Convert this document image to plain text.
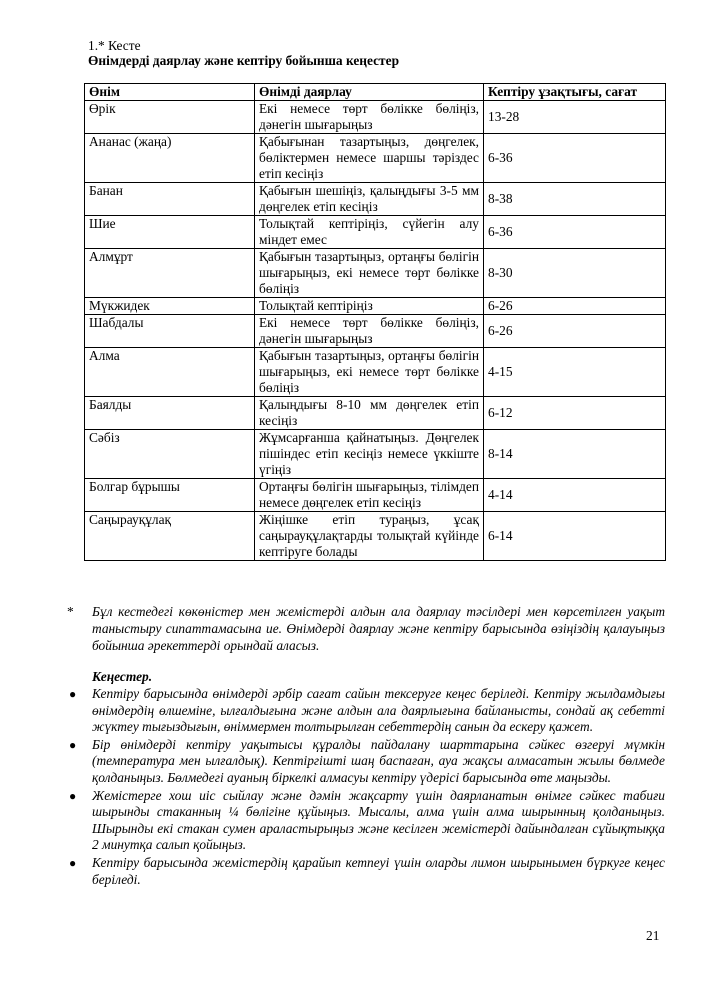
1.* Кесте
Өнімдерді даярлау және кептіру бойынша кеңестер
Өнім	Өнімді даярлау	Кептіру ұзақтығы, сағат
Өрік	Екі немесе төрт бөлікке бөліңіз, дәнегін шығарыңыз	13-28
Ананас (жаңа)	Қабығынан тазартыңыз, дөңгелек, бөліктермен немесе шаршы тәріздес етіп кесіңіз	6-36
Банан	Қабығын шешіңіз, қалыңдығы 3-5 мм дөңгелек етіп кесіңіз	8-38
Шие	Толықтай кептіріңіз, сүйегін алу міндет емес	6-36
Алмұрт	Қабығын тазартыңыз, ортаңғы бөлігін шығарыңыз, екі немесе төрт бөлікке бөліңіз	8-30
Мүкжидек	Толықтай кептіріңіз	6-26
Шабдалы	Екі немесе төрт бөлікке бөліңіз, дәнегін шығарыңыз	6-26
Алма	Қабығын тазартыңыз, ортаңғы бөлігін шығарыңыз, екі немесе төрт бөлікке бөліңіз	4-15
Баялды	Қалыңдығы 8-10 мм дөңгелек етіп кесіңіз	6-12
Сәбіз	Жұмсарғанша қайнатыңыз. Дөңгелек пішіндес етіп кесіңіз немесе үккіште үгіңіз	8-14
Болгар бұрышы	Ортаңғы бөлігін шығарыңыз, тілімдеп немесе дөңгелек етіп кесіңіз	4-14
Саңырауқұлақ	Жіңішке етіп тураңыз, ұсақ саңырауқұлақтарды толықтай күйінде кептіруге болады	6-14
* Бұл кестедегі көкөністер мен жемістерді алдын ала даярлау тәсілдері мен көрсетілген уақыт таныстыру сипаттамасына ие. Өнімдерді даярлау және кептіру барысында өзіңіздің қалауыңыз бойынша әрекеттерді орындай аласыз.
Кеңестер.
● Кептіру барысында өнімдерді әрбір сағат сайын тексеруге кеңес беріледі. Кептіру жылдамдығы өнімдердің өлшеміне, ылғалдығына және алдын ала даярлығына байланысты, сондай ақ себетті жүктеу тығыздығын, өніммермен толтырылған себеттердің санын да ескеру қажет.
● Бір өнімдерді кептіру уақытысы құралды пайдалану шарттарына сәйкес өзгеруі мүмкін (температура мен ылғалдық). Кептіргішті шаң баспаған, ауа жақсы алмасатын жылы бөлмеде қолданыңыз. Бөлмедегі ауаның біркелкі алмасуы кептіру үдерісі барысында өте маңызды.
● Жемістерге хош иіс сыйлау және дәмін жақсарту үшін даярланатын өнімге сәйкес табиғи шырынды стаканның ¼ бөлігіне құйыңыз. Мысалы, алма үшін алма шырынның қолданыңыз. Шырынды екі стакан сумен араластырыңыз және кесілген жемістерді дайындалған сұйықтыққа 2 минутқа салып қойыңыз.
● Кептіру барысында жемістердің қарайып кетпеуі үшін оларды лимон шырынымен бүркуге кеңес беріледі.
21
